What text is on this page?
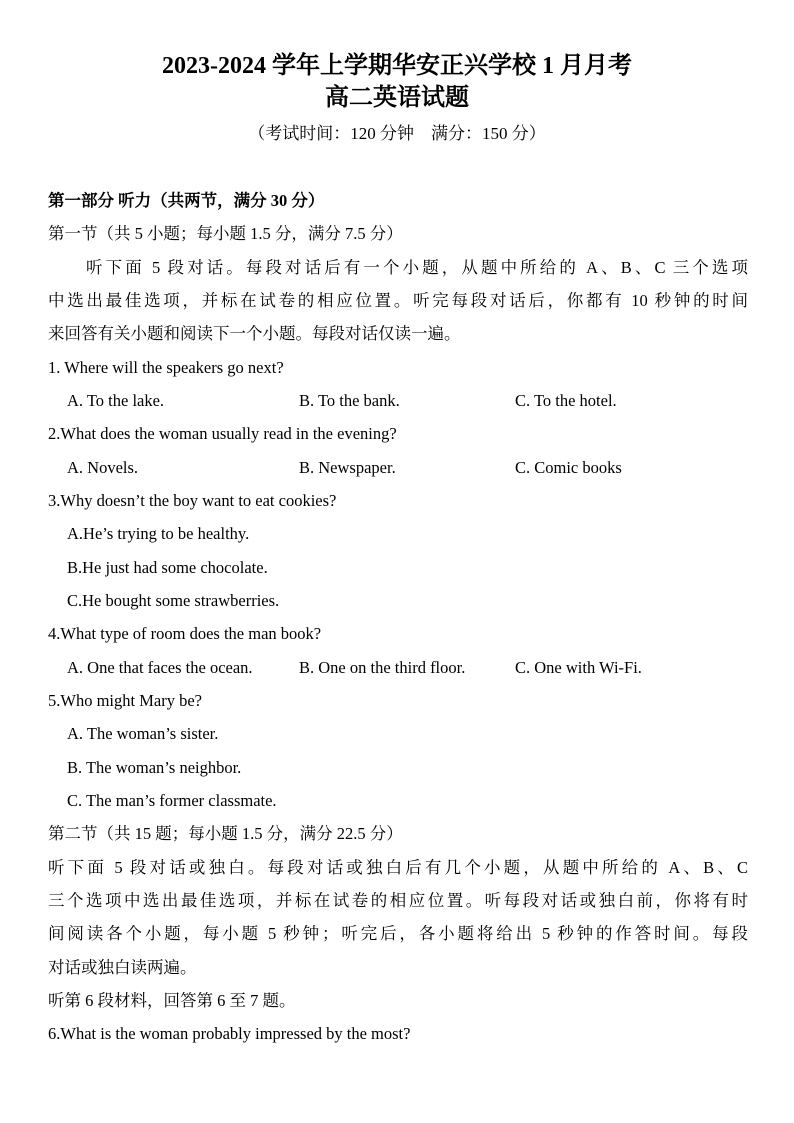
2023-2024 学年上学期华安正兴学校 1 月月考
高二英语试题
（考试时间：120 分钟　满分：150 分）
第一部分 听力（共两节，满分 30 分）
第一节（共 5 小题；每小题 1.5 分，满分 7.5 分）
听下面 5 段对话。每段对话后有一个小题，从题中所给的 A、B、C 三个选项
中选出最佳选项，并标在试卷的相应位置。听完每段对话后，你都有 10 秒钟的时间
来回答有关小题和阅读下一个小题。每段对话仅读一遍。
1. Where will the speakers go next?
A. To the lake.	B. To the bank.	C. To the hotel.
2.What does the woman usually read in the evening?
A. Novels.	B. Newspaper.	C. Comic books
3.Why doesn’t the boy want to eat cookies?
A.He’s trying to be healthy.
B.He just had some chocolate.
C.He bought some strawberries.
4.What type of room does the man book?
A. One that faces the ocean.	B. One on the third floor.	C. One with Wi-Fi.
5.Who might Mary be?
A. The woman’s sister.
B. The woman’s neighbor.
C. The man’s former classmate.
第二节（共 15 题；每小题 1.5 分，满分 22.5 分）
听下面 5 段对话或独白。每段对话或独白后有几个小题，从题中所给的 A、B、C
三个选项中选出最佳选项，并标在试卷的相应位置。听每段对话或独白前，你将有时
间阅读各个小题，每小题 5 秒钟；听完后，各小题将给出 5 秒钟的作答时间。每段
对话或独白读两遍。
听第 6 段材料，回答第 6 至 7 题。
6.What is the woman probably impressed by the most?
